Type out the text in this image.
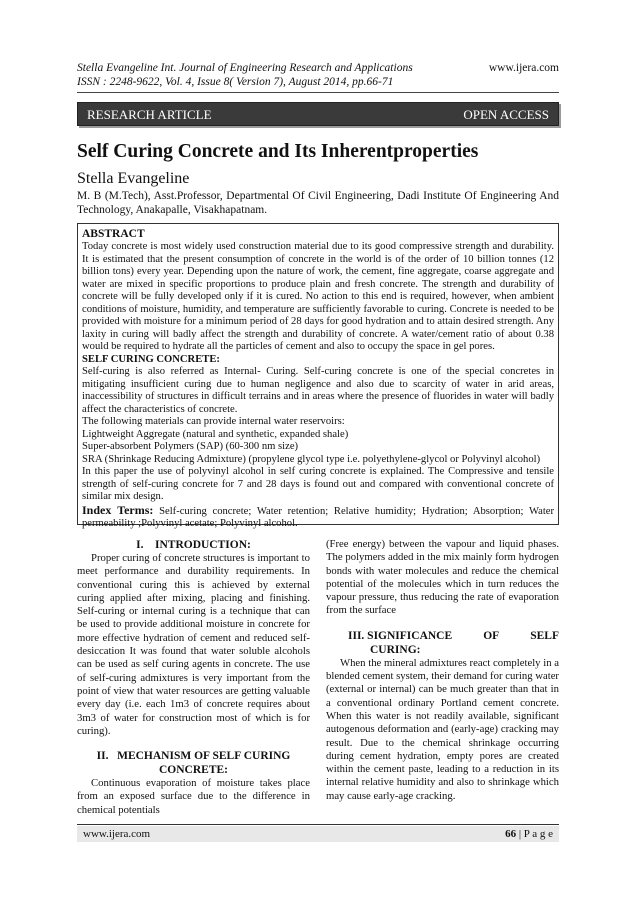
Stella Evangeline Int. Journal of Engineering Research and Applications
ISSN : 2248-9622, Vol. 4, Issue 8( Version 7), August 2014, pp.66-71
www.ijera.com
RESEARCH ARTICLE	OPEN ACCESS
Self Curing Concrete and Its Inherentproperties
Stella Evangeline
M. B (M.Tech), Asst.Professor, Departmental Of Civil Engineering, Dadi Institute Of Engineering And Technology, Anakapalle, Visakhapatnam.
ABSTRACT

Today concrete is most widely used construction material due to its good compressive strength and durability. It is estimated that the present consumption of concrete in the world is of the order of 10 billion tonnes (12 billion tons) every year. Depending upon the nature of work, the cement, fine aggregate, coarse aggregate and water are mixed in specific proportions to produce plain and fresh concrete. The strength and durability of concrete will be fully developed only if it is cured. No action to this end is required, however, when ambient conditions of moisture, humidity, and temperature are sufficiently favorable to curing. Concrete is needed to be provided with moisture for a minimum period of 28 days for good hydration and to attain desired strength. Any laxity in curing will badly affect the strength and durability of concrete. A water/cement ratio of about 0.38 would be required to hydrate all the particles of cement and also to occupy the space in gel pores.

SELF CURING CONCRETE:

Self-curing is also referred as Internal- Curing. Self-curing concrete is one of the special concretes in mitigating insufficient curing due to human negligence and also due to scarcity of water in arid areas, inaccessibility of structures in difficult terrains and in areas where the presence of fluorides in water will badly affect the characteristics of concrete.

The following materials can provide internal water reservoirs:

Lightweight Aggregate (natural and synthetic, expanded shale)

Super-absorbent Polymers (SAP) (60-300 nm size)

SRA (Shrinkage Reducing Admixture) (propylene glycol type i.e. polyethylene-glycol or Polyvinyl alcohol)

In this paper the use of polyvinyl alcohol in self curing concrete is explained. The Compressive and tensile strength of self-curing concrete for 7 and 28 days is found out and compared with conventional concrete of similar mix design.

Index Terms: Self-curing concrete; Water retention; Relative humidity; Hydration; Absorption; Water permeability ;Polyvinyl acetate; Polyvinyl alcohol.

I.    INTRODUCTION:

Proper curing of concrete structures is important to meet performance and durability requirements. In conventional curing this is achieved by external curing applied after mixing, placing and finishing. Self-curing or internal curing is a technique that can be used to provide additional moisture in concrete for more effective hydration of cement and reduced self-desiccation It was found that water soluble alcohols can be used as self curing agents in concrete. The use of self-curing admixtures is very important from the point of view that water resources are getting valuable every day (i.e. each 1m3 of concrete requires about 3m3 of water for construction most of which is for curing).

II.   MECHANISM OF SELF CURING
CONCRETE:

Continuous evaporation of moisture takes place from an exposed surface due to the difference in chemical potentials

(Free energy) between the vapour and liquid phases. The polymers added in the mix mainly form hydrogen bonds with water molecules and reduce the chemical potential of the molecules which in turn reduces the vapour pressure, thus reducing the rate of evaporation from the surface

III. SIGNIFICANCE	OF	SELF
CURING:

When the mineral admixtures react completely in a blended cement system, their demand for curing water (external or internal) can be much greater than that in a conventional ordinary Portland cement concrete. When this water is not readily available, significant autogenous deformation and (early-age) cracking may result. Due to the chemical shrinkage occurring during cement hydration, empty pores are created within the cement paste, leading to a reduction in its internal relative humidity and also to shrinkage which may cause early-age cracking.

www.ijera.com	66 | P a g e
